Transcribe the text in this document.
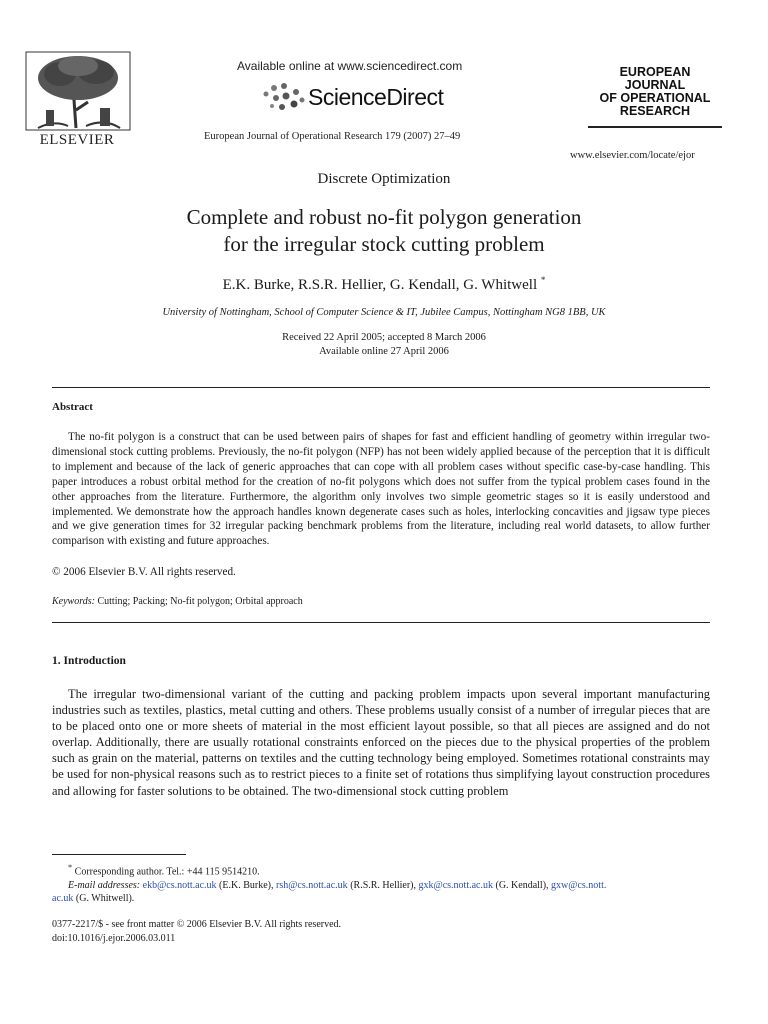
ELSEVIER
Available online at www.sciencedirect.com
ScienceDirect
European Journal of Operational Research 179 (2007) 27–49
EUROPEAN
JOURNAL
OF OPERATIONAL
RESEARCH
www.elsevier.com/locate/ejor
Discrete Optimization
Complete and robust no-fit polygon generation
for the irregular stock cutting problem
E.K. Burke, R.S.R. Hellier, G. Kendall, G. Whitwell *
University of Nottingham, School of Computer Science & IT, Jubilee Campus, Nottingham NG8 1BB, UK
Received 22 April 2005; accepted 8 March 2006
Available online 27 April 2006
Abstract
The no-fit polygon is a construct that can be used between pairs of shapes for fast and efficient handling of geometry within irregular two-dimensional stock cutting problems. Previously, the no-fit polygon (NFP) has not been widely applied because of the perception that it is difficult to implement and because of the lack of generic approaches that can cope with all problem cases without specific case-by-case handling. This paper introduces a robust orbital method for the creation of no-fit polygons which does not suffer from the typical problem cases found in the other approaches from the literature. Furthermore, the algorithm only involves two simple geometric stages so it is easily understood and implemented. We demonstrate how the approach handles known degenerate cases such as holes, interlocking concavities and jigsaw type pieces and we give generation times for 32 irregular packing benchmark problems from the literature, including real world datasets, to allow further comparison with existing and future approaches.
© 2006 Elsevier B.V. All rights reserved.
Keywords: Cutting; Packing; No-fit polygon; Orbital approach
1. Introduction
The irregular two-dimensional variant of the cutting and packing problem impacts upon several important manufacturing industries such as textiles, plastics, metal cutting and others. These problems usually consist of a number of irregular pieces that are to be placed onto one or more sheets of material in the most efficient layout possible, so that all pieces are assigned and do not overlap. Additionally, there are usually rotational constraints enforced on the pieces due to the physical properties of the problem such as grain on the material, patterns on textiles and the cutting technology being employed. Sometimes rotational constraints may be used for non-physical reasons such as to restrict pieces to a finite set of rotations thus simplifying layout construction procedures and allowing for faster solutions to be obtained. The two-dimensional stock cutting problem
* Corresponding author. Tel.: +44 115 9514210.
E-mail addresses: ekb@cs.nott.ac.uk (E.K. Burke), rsh@cs.nott.ac.uk (R.S.R. Hellier), gxk@cs.nott.ac.uk (G. Kendall), gxw@cs.nott.
ac.uk (G. Whitwell).
0377-2217/$ - see front matter © 2006 Elsevier B.V. All rights reserved.
doi:10.1016/j.ejor.2006.03.011
